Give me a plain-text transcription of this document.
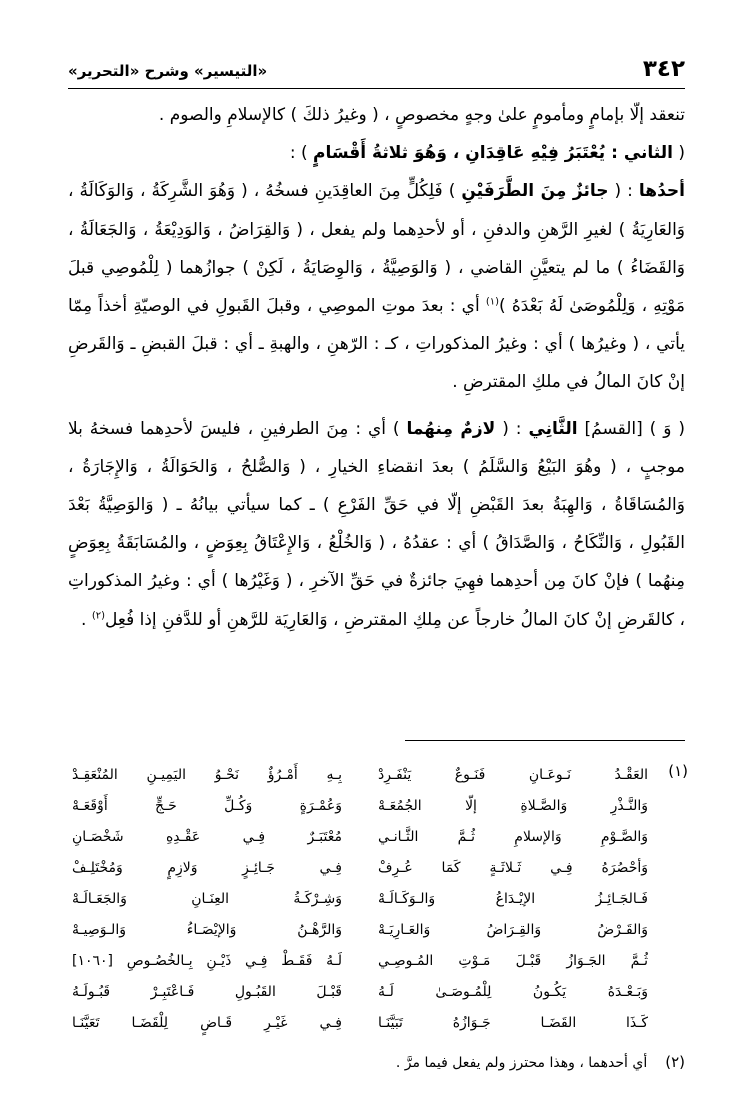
٣٤٢
«التيسير» وشرح «التحرير»

تنعقد إلّا بإمامٍ ومأمومٍ علىٰ وجهٍ مخصوصٍ ، ( وغيرُ ذلكَ ) كالإسلامِ والصوم .

( الثاني : يُعْتَبَرُ فِيْهِ عَاقِدَانِ ، وَهُوَ ثلاثةُ أَقْسَامٍ ) :

أحدُها : ( جائزٌ مِنَ الطَّرَفَيْنِ ) فَلِكُلٍّ مِنَ العاقِدَينِ فسخُهُ ، ( وَهُوَ الشَّرِكَةُ ، وَالوَكَالَةُ ، وَالعَارِيَةُ ) لغيرِ الرَّهنِ والدفنِ ، أو لأحدِهما ولم يفعل ، ( وَالقِرَاضُ ، وَالوَدِيْعَةُ ، وَالجَعَالَةُ ، وَالقَضَاءُ ) ما لم يتعيَّنِ القاضي ، ( وَالوَصِيَّةُ ، وَالوِصَايَةُ ، لَكِنْ ) جوازُهما ( لِلْمُوصِي قبلَ مَوْتِهِ ، وَلِلْمُوصَىٰ لَهُ بَعْدَهُ )$^{(١)}$ أي : بعدَ موتِ الموصِي ، وقبلَ القَبولِ في الوصيّةِ أخذاً مِمّا يأتي ، ( وغيرُها ) أي : وغيرُ المذكوراتِ ، كـ : الرّهنِ ، والهبةِ ـ أي : قبلَ القبضِ ـ وَالقَرضِ إنْ كانَ المالُ في ملكِ المقترضِ .

( وَ ) [القسمُ] الثَّانِي : ( لازمٌ مِنهُما ) أي : مِنَ الطرفينِ ، فليسَ لأحدِهما فسخهُ بلا موجبٍ ، ( وهُوَ البَيْعُ وَالسَّلَمُ ) بعدَ انقضاءِ الخيارِ ، ( وَالصُّلحُ ، وَالحَوَالَةُ ، وَالإِجَارَةُ ، وَالمُسَاقَاةُ ، وَالهِبَةُ بعدَ القَبْضِ إلّا في حَقِّ الفَرْعِ ) ـ كما سيأتي بيانُهُ ـ ( وَالوَصِيَّةُ بَعْدَ القَبُولِ ، وَالنِّكَاحُ ، وَالصَّدَاقُ ) أي : عقدُهُ ، ( وَالخُلْعُ ، وَالإِعْتَاقُ بِعِوَضٍ ، والمُسَابَقَةُ بِعِوَضٍ مِنهُما ) فإنْ كانَ مِن أحدِهما فهِيَ جائزةٌ في حَقِّ الآخرِ ، ( وَغَيْرُها ) أي : وغيرُ المذكوراتِ ، كالقَرضِ إنْ كانَ المالُ خارجاً عن مِلكِ المقترضِ ، وَالعَارِيَة للرَّهنِ أو للدَّفنِ إذا فُعِل$^{(٢)}$ .

(١)
العَقْـدُ نَـوعَـانِ فَنَـوعٌ يَنْفَـرِدْ
بِـهِ أَمْـرُؤٌ نَحْـوُ اليَمِيـنِ المُنْعَقِـدْ
وَالنَّـذْرِ وَالصَّـلاةِ إلّا الجُمُعَـهْ
وَعُمْـرَةٍ وَكُـلِّ حَـجٍّ أَوْقَعَـهْ
وَالصَّـوْمِ وَالإسلامِ ثُـمَّ الثَّـانـي
مُعْتَبَـرٌ فِـي عَقْـدِهِ شَخْصَـانِ
وَأحْصُرَهُ فِـي ثَـلاثَـةٍ كَمَا عُـرِفْ
فِـي جَـائِـزٍ وَلازِمٍ وَمُخْتَلِـفْ
فَـالجَـائِـزُ الإيْـدَاعُ وَالـوَكَـالَـهْ
وَشِـرْكَـةُ العِنَـانِ وَالجَعَـالَـهْ
وَالقَـرْضُ وَالقِـرَاضُ وَالعَـارِيَـهْ
وَالرَّهْـنُ وَالإيْصَـاءُ وَالـوَصِيـهْ
ثُـمَّ الجَـوَازُ قَبْـلَ مَـوْتِ المُـوصِـي
لَـهُ فَقَـطْ فِـي ذَيْـنِ بِـالخُصُـوصِ [١٠٦٠]
وَبَـعْـدَهُ يَكُـونُ لِلْمُـوصَـىٰ لَـهُ
قَبْـلَ القَبُـولِ فَـاعْتَبِـرْ قَبُـولَـهُ
كَـذَا القَضَـا جَـوَازُهُ تَبَيَّنَـا
فِـي غَيْـرِ قَـاضٍ لِلْقَضَـا تَعَيَّنَـا
(٢)أي أحدهما ، وهذا محترز ولم يفعل فيما مرَّ .
